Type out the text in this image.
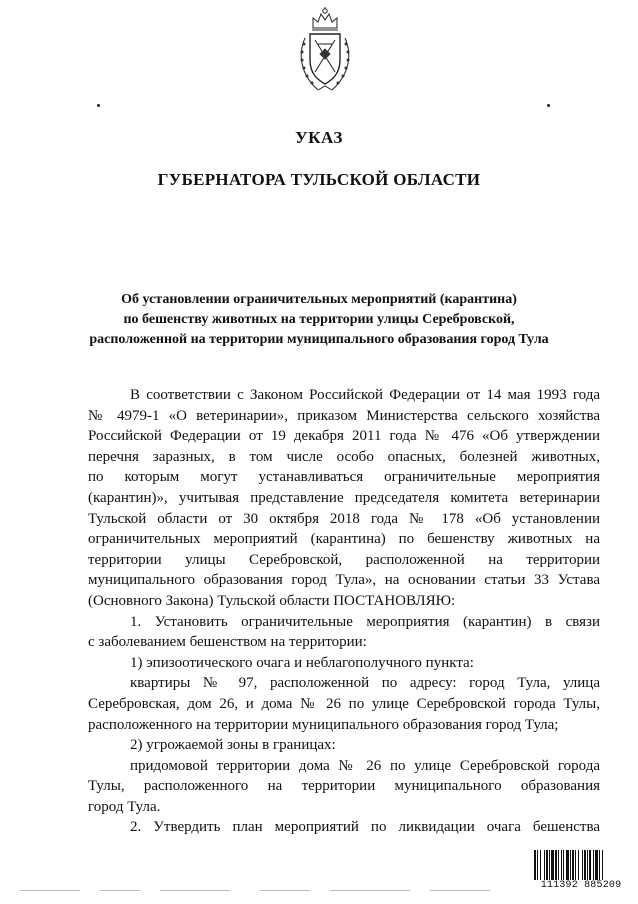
УКАЗ
ГУБЕРНАТОРА ТУЛЬСКОЙ ОБЛАСТИ
Об установлении ограничительных мероприятий (карантина)
по бешенству животных на территории улицы Серебровской,
расположенной на территории муниципального образования город Тула
В соответствии с Законом Российской Федерации от 14 мая 1993 года
№ 4979-1 «О ветеринарии», приказом Министерства сельского хозяйства
Российской Федерации от 19 декабря 2011 года № 476 «Об утверждении
перечня заразных, в том числе особо опасных, болезней животных,
по которым могут устанавливаться ограничительные мероприятия
(карантин)», учитывая представление председателя комитета ветеринарии
Тульской области от 30 октября 2018 года № 178 «Об установлении
ограничительных мероприятий (карантина) по бешенству животных на
территории улицы Серебровской, расположенной на территории
муниципального образования город Тула», на основании статьи 33 Устава
(Основного Закона) Тульской области ПОСТАНОВЛЯЮ:
1. Установить ограничительные мероприятия (карантин) в связи
с заболеванием бешенством на территории:
1) эпизоотического очага и неблагополучного пункта:
квартиры № 97, расположенной по адресу: город Тула, улица
Серебровская, дом 26, и дома № 26 по улице Серебровской города Тулы,
расположенного на территории муниципального образования город Тула;
2) угрожаемой зоны в границах:
придомовой территории дома № 26 по улице Серебровской города
Тулы, расположенного на территории муниципального образования
город Тула.
2. Утвердить план мероприятий по ликвидации очага бешенства
111392 885209
